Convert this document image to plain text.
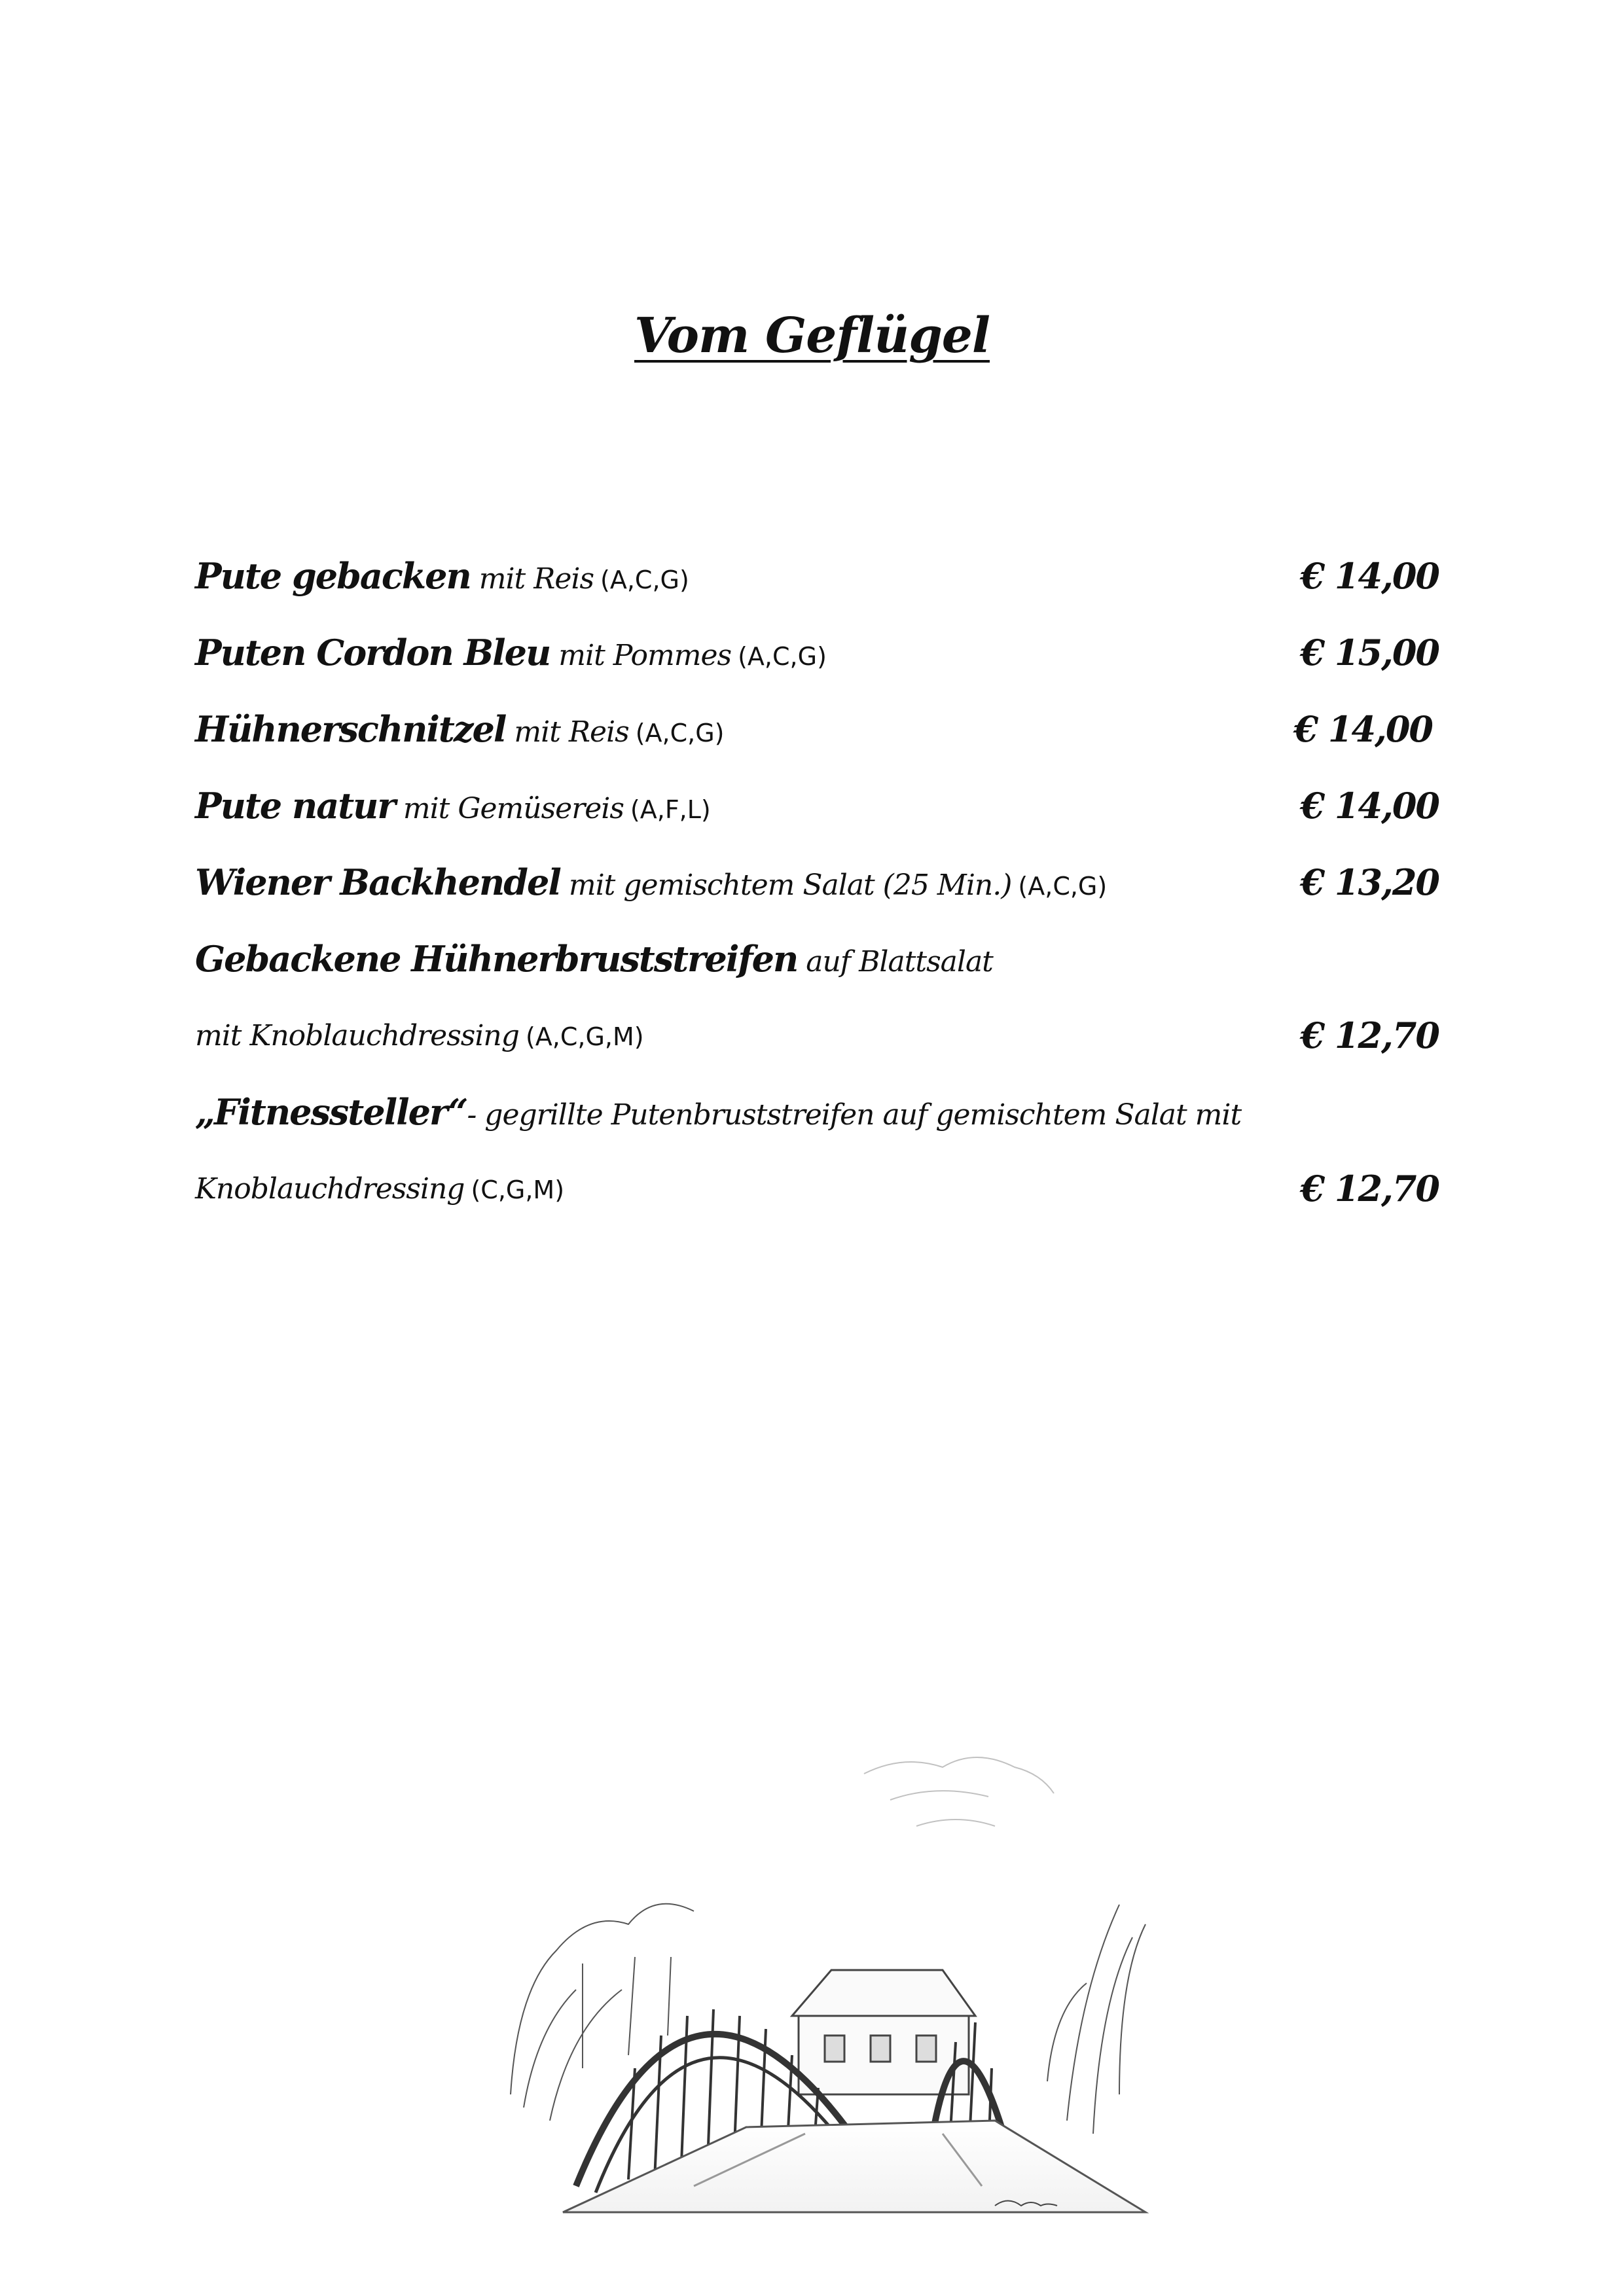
Vom Geflügel
Pute gebacken mit Reis (A,C,G)	€ 14,00
Puten Cordon Bleu mit Pommes (A,C,G)	€ 15,00
Hühnerschnitzel mit Reis (A,C,G)	€ 14,00
Pute natur mit Gemüsereis (A,F,L)	€ 14,00
Wiener Backhendel mit gemischtem Salat (25 Min.) (A,C,G)	€ 13,20
Gebackene Hühnerbruststreifen auf Blattsalat
mit Knoblauchdressing (A,C,G,M)	€ 12,70
„Fitnessteller“- gegrillte Putenbruststreifen auf gemischtem Salat mit
Knoblauchdressing (C,G,M)	€ 12,70
